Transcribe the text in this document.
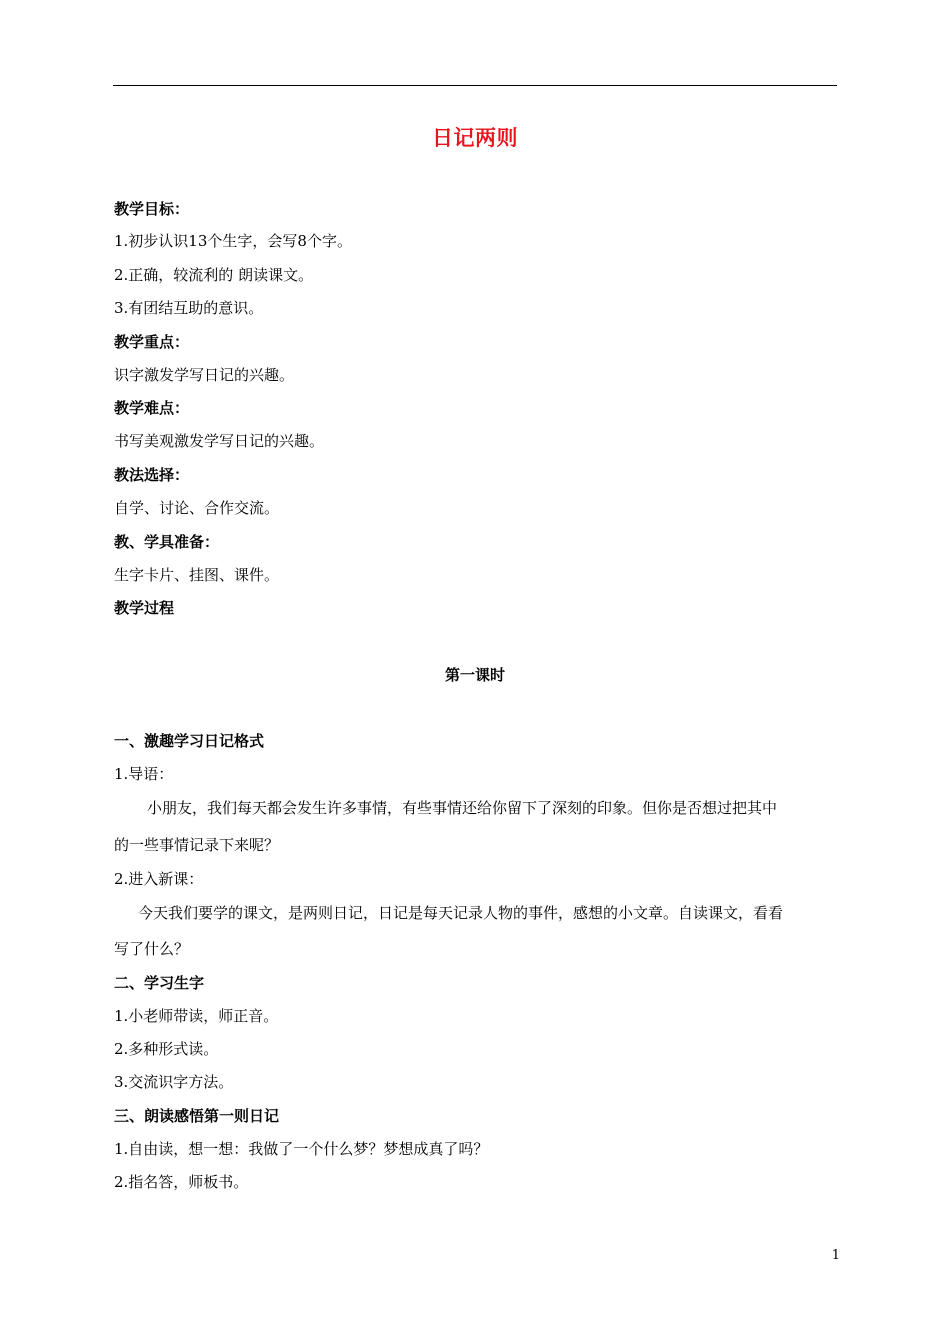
日记两则
教学目标：
1.初步认识13个生字，会写8个字。
2.正确，较流利的 朗读课文。
3.有团结互助的意识。
教学重点：
识字激发学写日记的兴趣。
教学难点：
书写美观激发学写日记的兴趣。
教法选择：
自学、讨论、合作交流。
教、学具准备：
生字卡片、挂图、课件。
教学过程
第一课时
一、激趣学习日记格式
1.导语：
小朋友，我们每天都会发生许多事情，有些事情还给你留下了深刻的印象。但你是否想过把其中
的一些事情记录下来呢？
2.进入新课：
今天我们要学的课文，是两则日记，日记是每天记录人物的事件，感想的小文章。自读课文，看看
写了什么？
二、学习生字
1.小老师带读，师正音。
2.多种形式读。
3.交流识字方法。
三、朗读感悟第一则日记
1.自由读，想一想：我做了一个什么梦？梦想成真了吗？
2.指名答，师板书。
1
